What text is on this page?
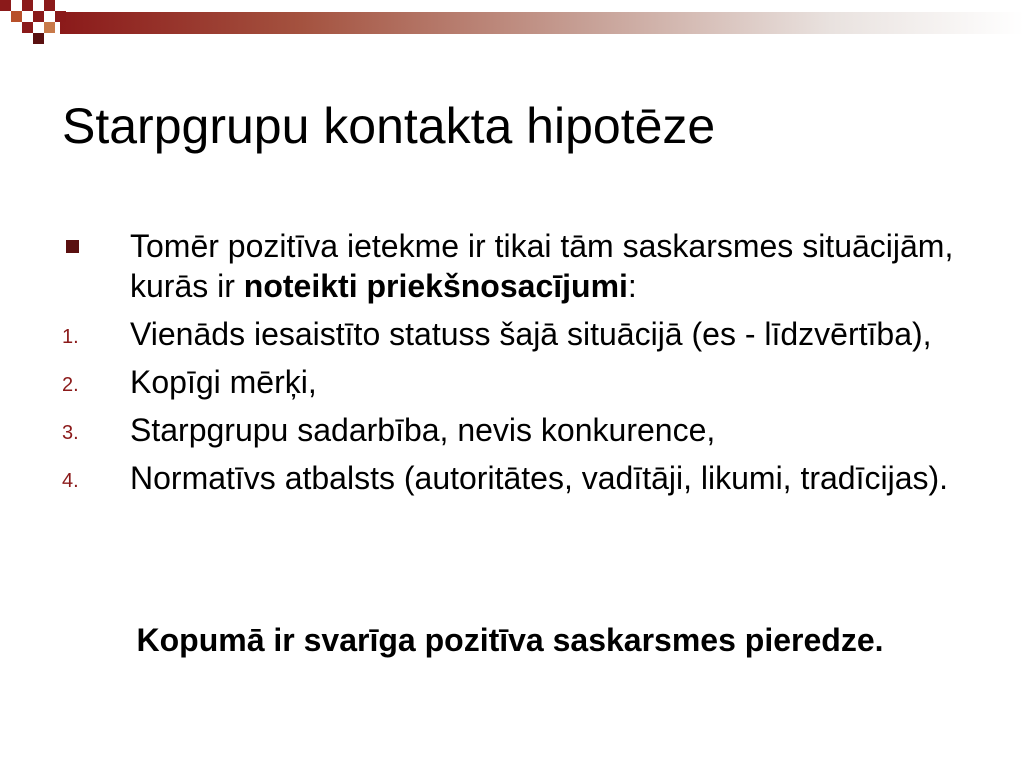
Starpgrupu kontakta hipotēze
Tomēr pozitīva ietekme ir tikai tām saskarsmes situācijām, kurās ir noteikti priekšnosacījumi:
1. Vienāds iesaistīto statuss šajā situācijā (es - līdzvērtība),
2. Kopīgi mērķi,
3. Starpgrupu sadarbība, nevis konkurence,
4. Normatīvs atbalsts (autoritātes, vadītāji, likumi, tradīcijas).

Kopumā ir svarīga pozitīva saskarsmes pieredze.
